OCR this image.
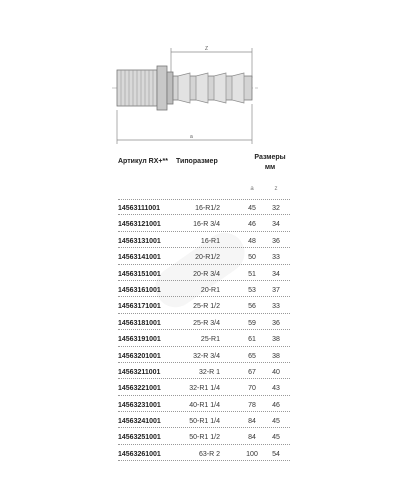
Z
a
Артикул RX+** Типоразмер
Размеры
мм
a	z
14563111001	16-R1/2	45	32
14563121001	16-R 3/4	46	34
14563131001	16-R1	48	36
14563141001	20-R1/2	50	33
14563151001	20-R 3/4	51	34
14563161001	20-R1	53	37
14563171001	25-R 1/2	56	33
14563181001	25-R 3/4	59	36
14563191001	25-R1	61	38
14563201001	32-R 3/4	65	38
14563211001	32-R 1	67	40
14563221001	32-R1 1/4	70	43
14563231001	40-R1 1/4	78	46
14563241001	50-R1 1/4	84	45
14563251001	50-R1 1/2	84	45
14563261001	63-R 2	100	54
